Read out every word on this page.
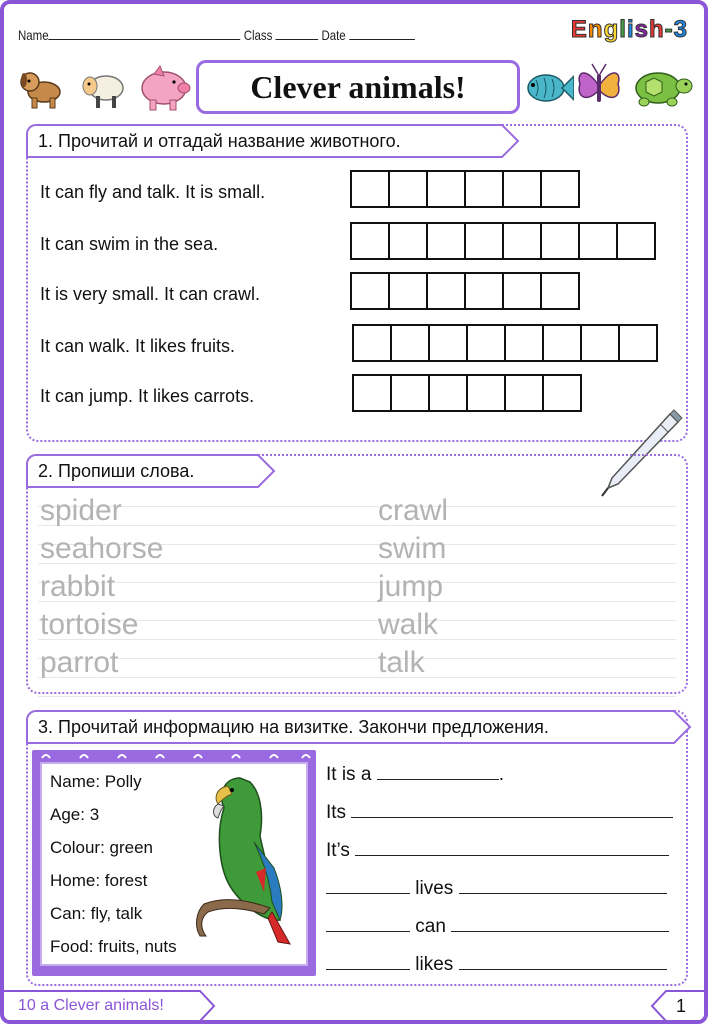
Name	Class	Date	English-3
Clever animals!
1. Прочитай и отгадай название животного.
It can fly and talk. It is small.
It can swim in the sea.
It is very small. It can crawl.
It can walk. It likes fruits.
It can jump. It likes carrots.
2. Пропиши слова.
spider
seahorse
rabbit
tortoise
parrot
crawl
swim
jump
walk
talk
3. Прочитай информацию на визитке. Закончи предложения.
Name: Polly
Age: 3
Colour: green
Home: forest
Can: fly, talk
Food: fruits, nuts
It is a	.
Its
It’s
lives
can
likes
10 a Clever animals!	1
